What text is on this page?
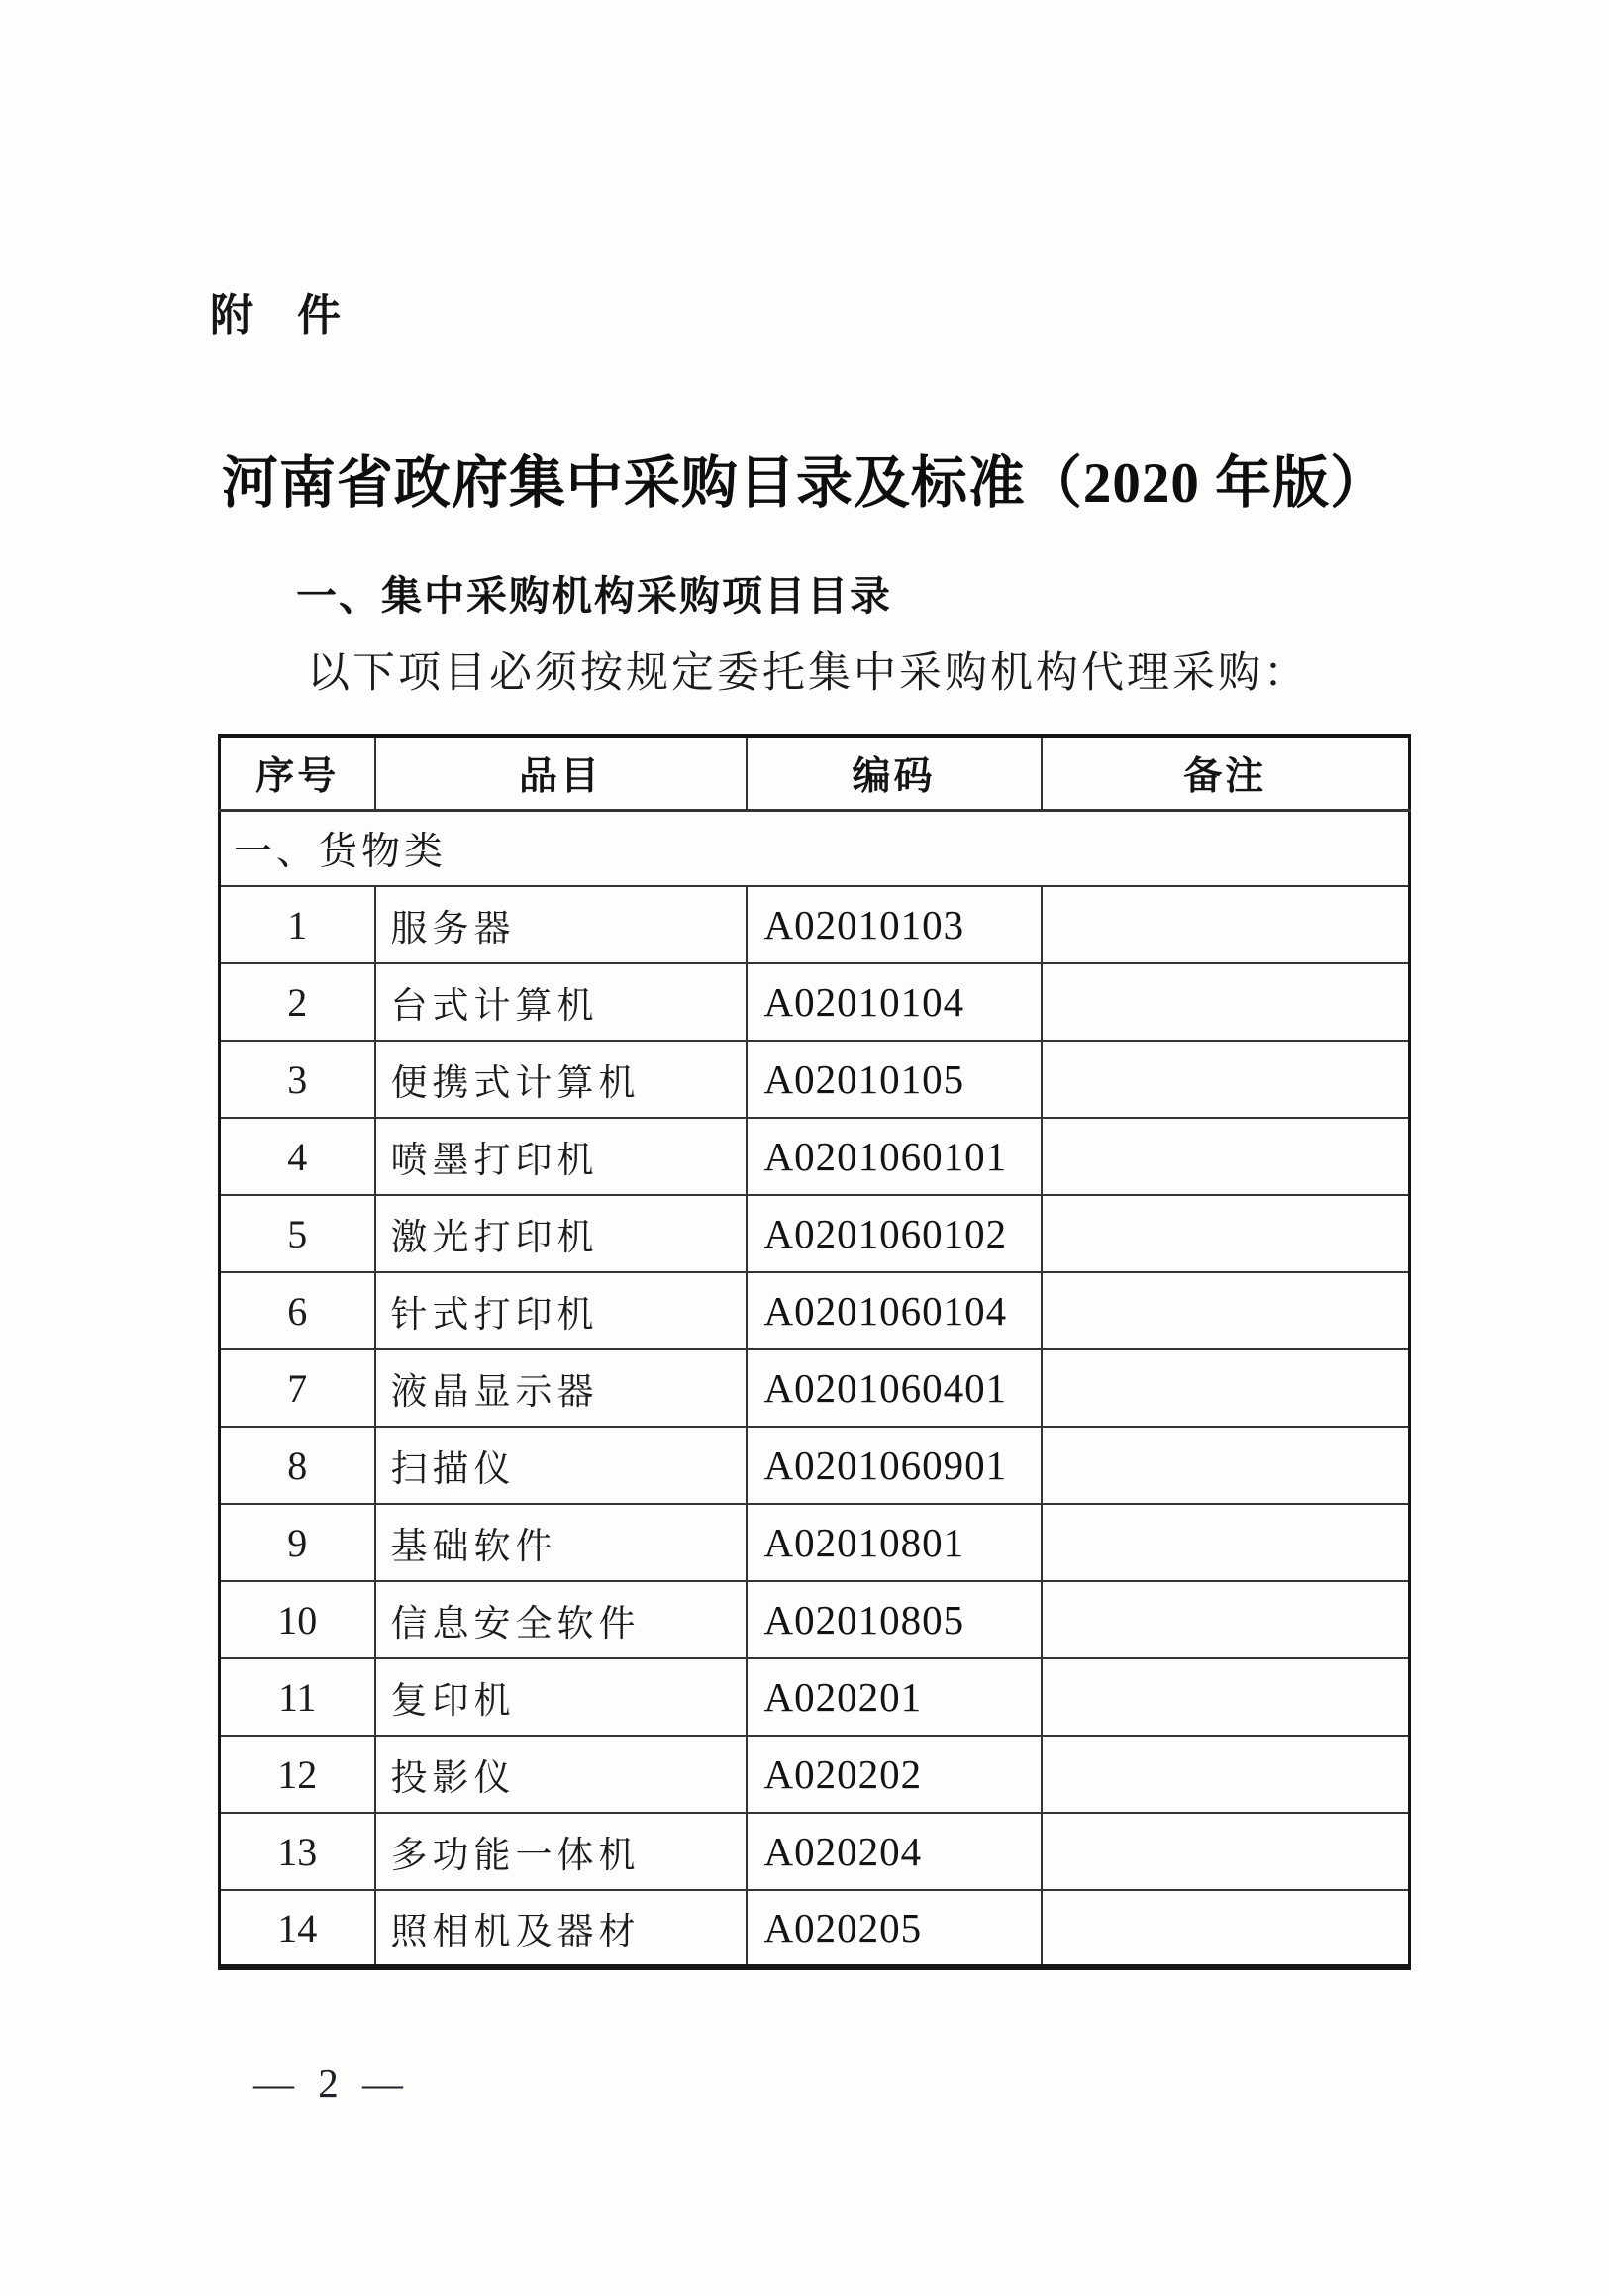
附　件
河南省政府集中采购目录及标准（2020 年版）
一、集中采购机构采购项目目录
以下项目必须按规定委托集中采购机构代理采购：
序号	品目	编码	备注
一、货物类			
1	服务器	A02010103	
2	台式计算机	A02010104	
3	便携式计算机	A02010105	
4	喷墨打印机	A0201060101	
5	激光打印机	A0201060102	
6	针式打印机	A0201060104	
7	液晶显示器	A0201060401	
8	扫描仪	A0201060901	
9	基础软件	A02010801	
10	信息安全软件	A02010805	
11	复印机	A020201	
12	投影仪	A020202	
13	多功能一体机	A020204	
14	照相机及器材	A020205	
— 2 —
